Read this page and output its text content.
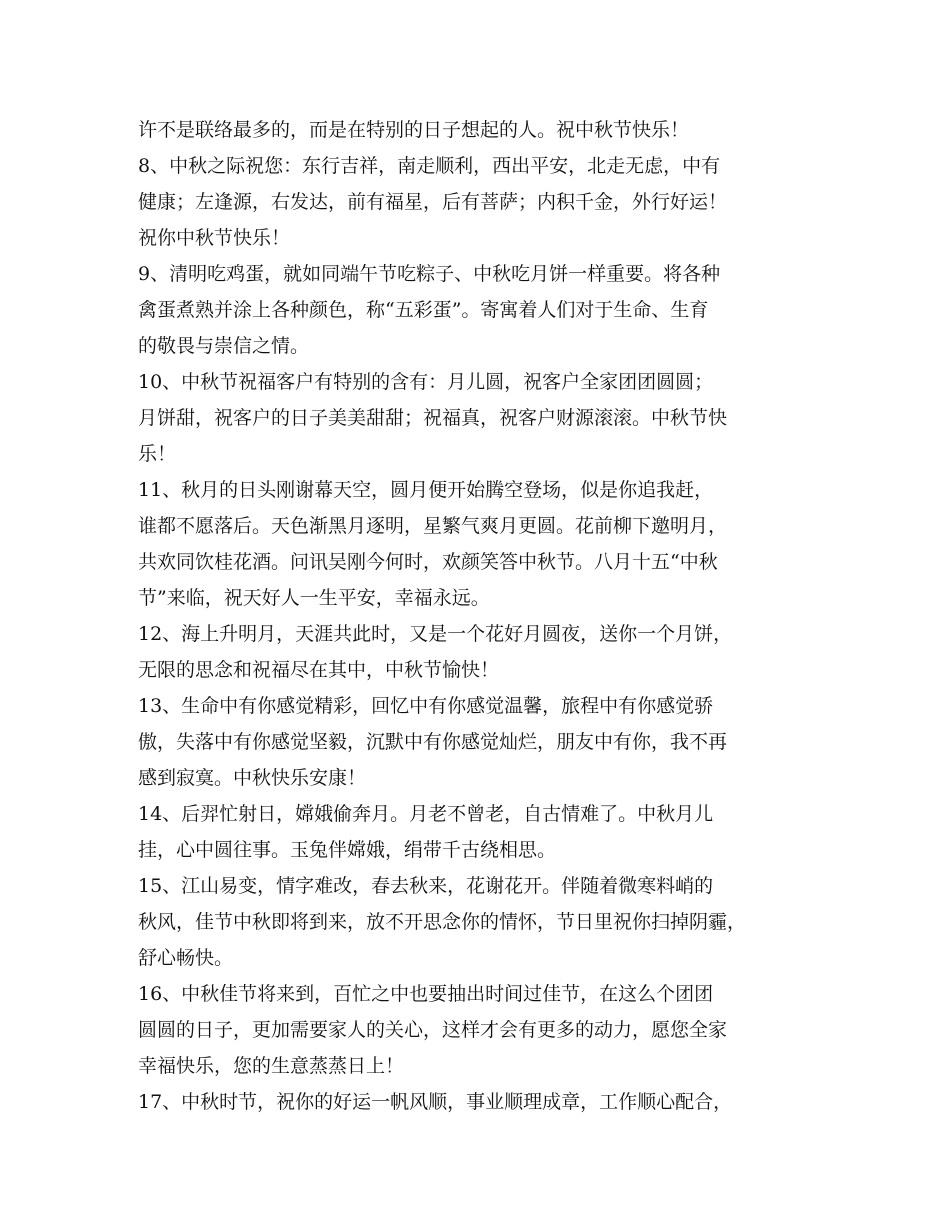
许不是联络最多的，而是在特别的日子想起的人。祝中秋节快乐！
8、中秋之际祝您：东行吉祥，南走顺利，西出平安，北走无虑，中有
健康；左逢源，右发达，前有福星，后有菩萨；内积千金，外行好运！
祝你中秋节快乐！
9、清明吃鸡蛋，就如同端午节吃粽子、中秋吃月饼一样重要。将各种
禽蛋煮熟并涂上各种颜色，称“五彩蛋”。寄寓着人们对于生命、生育
的敬畏与崇信之情。
10、中秋节祝福客户有特别的含有：月儿圆，祝客户全家团团圆圆；
月饼甜，祝客户的日子美美甜甜；祝福真，祝客户财源滚滚。中秋节快
乐！
11、秋月的日头刚谢幕天空，圆月便开始腾空登场，似是你追我赶，
谁都不愿落后。天色渐黑月逐明，星繁气爽月更圆。花前柳下邀明月，
共欢同饮桂花酒。问讯吴刚今何时，欢颜笑答中秋节。八月十五“中秋
节”来临，祝天好人一生平安，幸福永远。
12、海上升明月，天涯共此时，又是一个花好月圆夜，送你一个月饼，
无限的思念和祝福尽在其中，中秋节愉快！
13、生命中有你感觉精彩，回忆中有你感觉温馨，旅程中有你感觉骄
傲，失落中有你感觉坚毅，沉默中有你感觉灿烂，朋友中有你，我不再
感到寂寞。中秋快乐安康！
14、后羿忙射日，嫦娥偷奔月。月老不曾老，自古情难了。中秋月儿
挂，心中圆往事。玉兔伴嫦娥，绢带千古绕相思。
15、江山易变，情字难改，春去秋来，花谢花开。伴随着微寒料峭的
秋风，佳节中秋即将到来，放不开思念你的情怀，节日里祝你扫掉阴霾，
舒心畅快。
16、中秋佳节将来到，百忙之中也要抽出时间过佳节，在这么个团团
圆圆的日子，更加需要家人的关心，这样才会有更多的动力，愿您全家
幸福快乐，您的生意蒸蒸日上！
17、中秋时节，祝你的好运一帆风顺，事业顺理成章，工作顺心配合，
